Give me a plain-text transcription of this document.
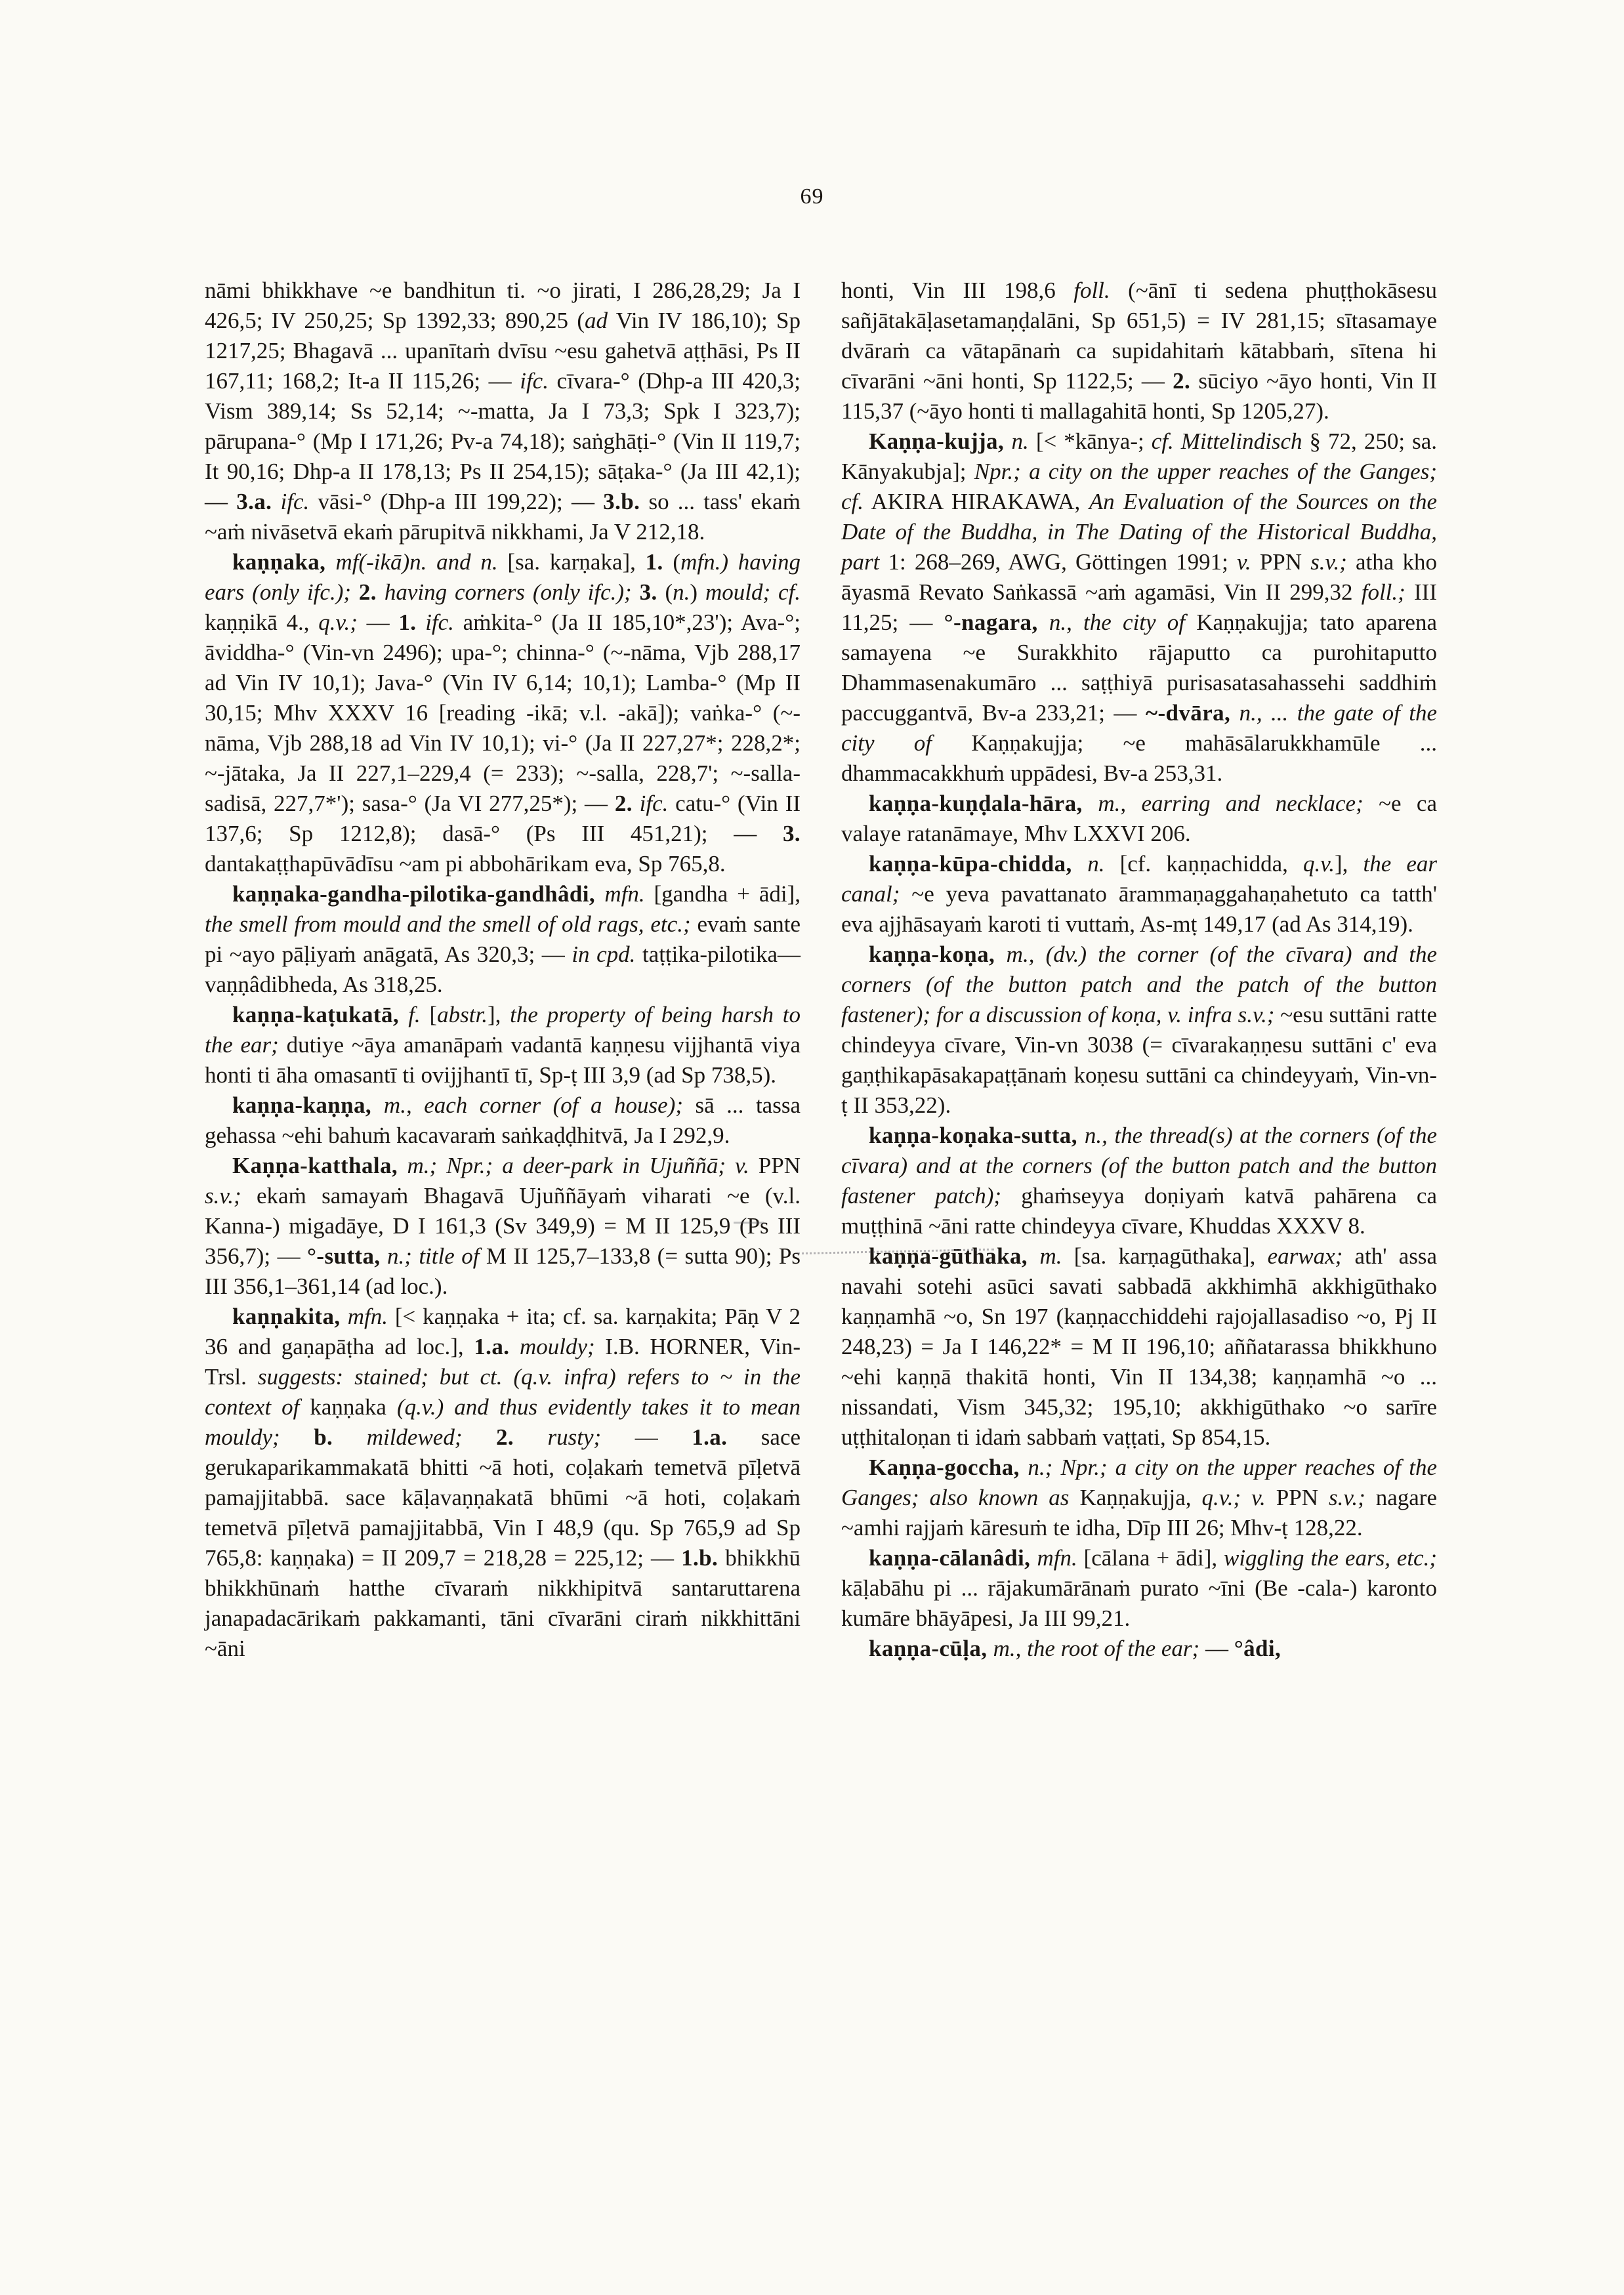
69

nāmi bhikkhave ~e bandhitun ti. ~o jirati, I 286,28,29; Ja I 426,5; IV 250,25; Sp 1392,33; 890,25 (ad Vin IV 186,10); Sp 1217,25; Bhagavā ... upanītaṁ dvīsu ~esu gahetvā aṭṭhāsi, Ps II 167,11; 168,2; It-a II 115,26; — ifc. cīvara-° (Dhp-a III 420,3; Vism 389,14; Ss 52,14; ~-matta, Ja I 73,3; Spk I 323,7); pārupana-° (Mp I 171,26; Pv-a 74,18); saṅghāṭi-° (Vin II 119,7; It 90,16; Dhp-a II 178,13; Ps II 254,15); sāṭaka-° (Ja III 42,1); — 3.a. ifc. vāsi-° (Dhp-a III 199,22); — 3.b. so ... tass' ekaṁ ~aṁ nivāsetvā ekaṁ pārupitvā nikkhami, Ja V 212,18.

kaṇṇaka, mf(-ikā)n. and n. [sa. karṇaka], 1. (mfn.) having ears (only ifc.); 2. having corners (only ifc.); 3. (n.) mould; cf. kaṇṇikā 4., q.v.; — 1. ifc. aṁkita-° (Ja II 185,10*,23'); Ava-°; āviddha-° (Vin-vn 2496); upa-°; chinna-° (~-nāma, Vjb 288,17 ad Vin IV 10,1); Java-° (Vin IV 6,14; 10,1); Lamba-° (Mp II 30,15; Mhv XXXV 16 [reading -ikā; v.l. -akā]); vaṅka-° (~-nāma, Vjb 288,18 ad Vin IV 10,1); vi-° (Ja II 227,27*; 228,2*; ~-jātaka, Ja II 227,1–229,4 (= 233); ~-salla, 228,7'; ~-salla-sadisā, 227,7*'); sasa-° (Ja VI 277,25*); — 2. ifc. catu-° (Vin II 137,6; Sp 1212,8); dasā-° (Ps III 451,21); — 3. dantakaṭṭhapūvādīsu ~am pi abbohārikam eva, Sp 765,8.

kaṇṇaka-gandha-pilotika-gandhâdi, mfn. [gandha + ādi], the smell from mould and the smell of old rags, etc.; evaṁ sante pi ~ayo pāḷiyaṁ anāgatā, As 320,3; — in cpd. taṭṭika-pilotika—vaṇṇâdibheda, As 318,25.

kaṇṇa-kaṭukatā, f. [abstr.], the property of being harsh to the ear; dutiye ~āya amanāpaṁ vadantā kaṇṇesu vijjhantā viya honti ti āha omasantī ti ovijjhantī tī, Sp-ṭ III 3,9 (ad Sp 738,5).

kaṇṇa-kaṇṇa, m., each corner (of a house); sā ... tassa gehassa ~ehi bahuṁ kacavaraṁ saṅkaḍḍhitvā, Ja I 292,9.

Kaṇṇa-katthala, m.; Npr.; a deer-park in Ujuññā; v. PPN s.v.; ekaṁ samayaṁ Bhagavā Ujuññāyaṁ viharati ~e (v.l. Kanna-) migadāye, D I 161,3 (Sv 349,9) = M II 125,9 (Ps III 356,7); — °-sutta, n.; title of M II 125,7–133,8 (= sutta 90); Ps III 356,1–361,14 (ad loc.).

kaṇṇakita, mfn. [< kaṇṇaka + ita; cf. sa. karṇakita; Pāṇ V 2 36 and gaṇapāṭha ad loc.], 1.a. mouldy; I.B. HORNER, Vin-Trsl. suggests: stained; but ct. (q.v. infra) refers to ~ in the context of kaṇṇaka (q.v.) and thus evidently takes it to mean mouldy; b. mildewed; 2. rusty; — 1.a. sace gerukaparikammakatā bhitti ~ā hoti, coḷakaṁ temetvā pīḷetvā pamajjitabbā. sace kāḷavaṇṇakatā bhūmi ~ā hoti, coḷakaṁ temetvā pīḷetvā pamajjitabbā, Vin I 48,9 (qu. Sp 765,9 ad Sp 765,8: kaṇṇaka) = II 209,7 = 218,28 = 225,12; — 1.b. bhikkhū bhikkhūnaṁ hatthe cīvaraṁ nikkhipitvā santaruttarena janapadacārikaṁ pakkamanti, tāni cīvarāni ciraṁ nikkhittāni ~āni

honti, Vin III 198,6 foll. (~ānī ti sedena phuṭṭhokāsesu sañjātakāḷasetamaṇḍalāni, Sp 651,5) = IV 281,15; sītasamaye dvāraṁ ca vātapānaṁ ca supidahitaṁ kātabbaṁ, sītena hi cīvarāni ~āni honti, Sp 1122,5; — 2. sūciyo ~āyo honti, Vin II 115,37 (~āyo honti ti mallagahitā honti, Sp 1205,27).

Kaṇṇa-kujja, n. [< *kānya-; cf. Mittelindisch § 72, 250; sa. Kānyakubja]; Npr.; a city on the upper reaches of the Ganges; cf. AKIRA HIRAKAWA, An Evaluation of the Sources on the Date of the Buddha, in The Dating of the Historical Buddha, part 1: 268–269, AWG, Göttingen 1991; v. PPN s.v.; atha kho āyasmā Revato Saṅkassā ~aṁ agamāsi, Vin II 299,32 foll.; III 11,25; — °-nagara, n., the city of Kaṇṇakujja; tato aparena samayena ~e Surakkhito rājaputto ca purohitaputto Dhammasenakumāro ... saṭṭhiyā purisasatasahassehi saddhiṁ paccuggantvā, Bv-a 233,21; — ~-dvāra, n., ... the gate of the city of Kaṇṇakujja; ~e mahāsālarukkhamūle ... dhammacakkhuṁ uppādesi, Bv-a 253,31.

kaṇṇa-kuṇḍala-hāra, m., earring and necklace; ~e ca valaye ratanāmaye, Mhv LXXVI 206.

kaṇṇa-kūpa-chidda, n. [cf. kaṇṇachidda, q.v.], the ear canal; ~e yeva pavattanato ārammaṇaggahaṇahetuto ca tatth' eva ajjhāsayaṁ karoti ti vuttaṁ, As-mṭ 149,17 (ad As 314,19).

kaṇṇa-koṇa, m., (dv.) the corner (of the cīvara) and the corners (of the button patch and the patch of the button fastener); for a discussion of koṇa, v. infra s.v.; ~esu suttāni ratte chindeyya cīvare, Vin-vn 3038 (= cīvarakaṇṇesu suttāni c' eva gaṇṭhikapāsakapaṭṭānaṁ koṇesu suttāni ca chindeyyaṁ, Vin-vn-ṭ II 353,22).

kaṇṇa-koṇaka-sutta, n., the thread(s) at the corners (of the cīvara) and at the corners (of the button patch and the button fastener patch); ghaṁseyya doṇiyaṁ katvā pahārena ca muṭṭhinā ~āni ratte chindeyya cīvare, Khuddas XXXV 8.

kaṇṇa-gūthaka, m. [sa. karṇagūthaka], earwax; ath' assa navahi sotehi asūci savati sabbadā akkhimhā akkhigūthako kaṇṇamhā ~o, Sn 197 (kaṇṇacchiddehi rajojallasadiso ~o, Pj II 248,23) = Ja I 146,22* = M II 196,10; aññatarassa bhikkhuno ~ehi kaṇṇā thakitā honti, Vin II 134,38; kaṇṇamhā ~o ... nissandati, Vism 345,32; 195,10; akkhigūthako ~o sarīre uṭṭhitaloṇan ti idaṁ sabbaṁ vaṭṭati, Sp 854,15.

Kaṇṇa-goccha, n.; Npr.; a city on the upper reaches of the Ganges; also known as Kaṇṇakujja, q.v.; v. PPN s.v.; nagare ~amhi rajjaṁ kāresuṁ te idha, Dīp III 26; Mhv-ṭ 128,22.

kaṇṇa-cālanâdi, mfn. [cālana + ādi], wiggling the ears, etc.; kāḷabāhu pi ... rājakumārānaṁ purato ~īni (Be -cala-) karonto kumāre bhāyāpesi, Ja III 99,21.

kaṇṇa-cūḷa, m., the root of the ear; — °âdi,
